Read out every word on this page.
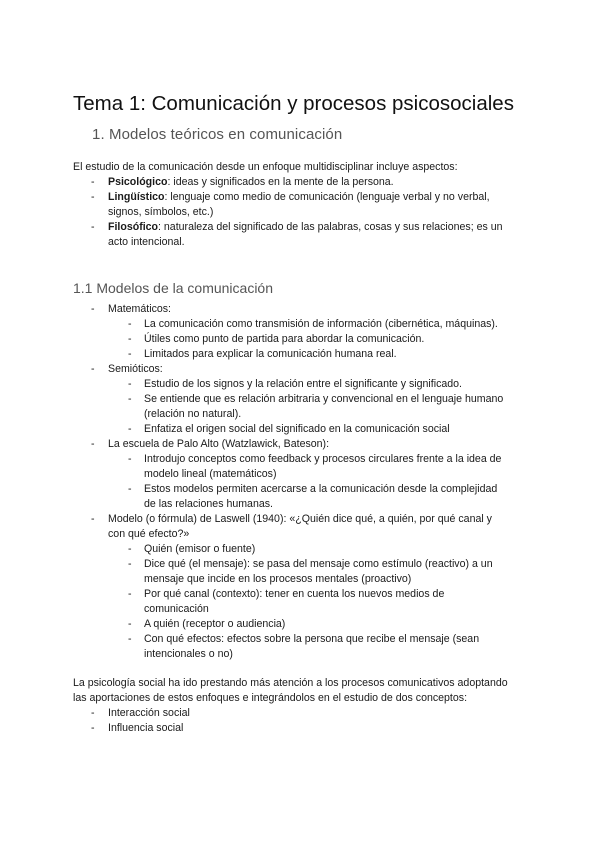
Tema 1: Comunicación y procesos psicosociales
1. Modelos teóricos en comunicación
El estudio de la comunicación desde un enfoque multidisciplinar incluye aspectos:
- Psicológico: ideas y significados en la mente de la persona.
- Lingüístico: lenguaje como medio de comunicación (lenguaje verbal y no verbal,
signos, símbolos, etc.)
- Filosófico: naturaleza del significado de las palabras, cosas y sus relaciones; es un
acto intencional.
1.1 Modelos de la comunicación
- Matemáticos:
- La comunicación como transmisión de información (cibernética, máquinas).
- Útiles como punto de partida para abordar la comunicación.
- Limitados para explicar la comunicación humana real.
- Semióticos:
- Estudio de los signos y la relación entre el significante y significado.
- Se entiende que es relación arbitraria y convencional en el lenguaje humano
(relación no natural).
- Enfatiza el origen social del significado en la comunicación social
- La escuela de Palo Alto (Watzlawick, Bateson):
- Introdujo conceptos como feedback y procesos circulares frente a la idea de
modelo lineal (matemáticos)
- Estos modelos permiten acercarse a la comunicación desde la complejidad
de las relaciones humanas.
- Modelo (o fórmula) de Laswell (1940): «¿Quién dice qué, a quién, por qué canal y
con qué efecto?»
- Quién (emisor o fuente)
- Dice qué (el mensaje): se pasa del mensaje como estímulo (reactivo) a un
mensaje que incide en los procesos mentales (proactivo)
- Por qué canal (contexto): tener en cuenta los nuevos medios de
comunicación
- A quién (receptor o audiencia)
- Con qué efectos: efectos sobre la persona que recibe el mensaje (sean
intencionales o no)
La psicología social ha ido prestando más atención a los procesos comunicativos adoptando
las aportaciones de estos enfoques e integrándolos en el estudio de dos conceptos:
- Interacción social
- Influencia social
